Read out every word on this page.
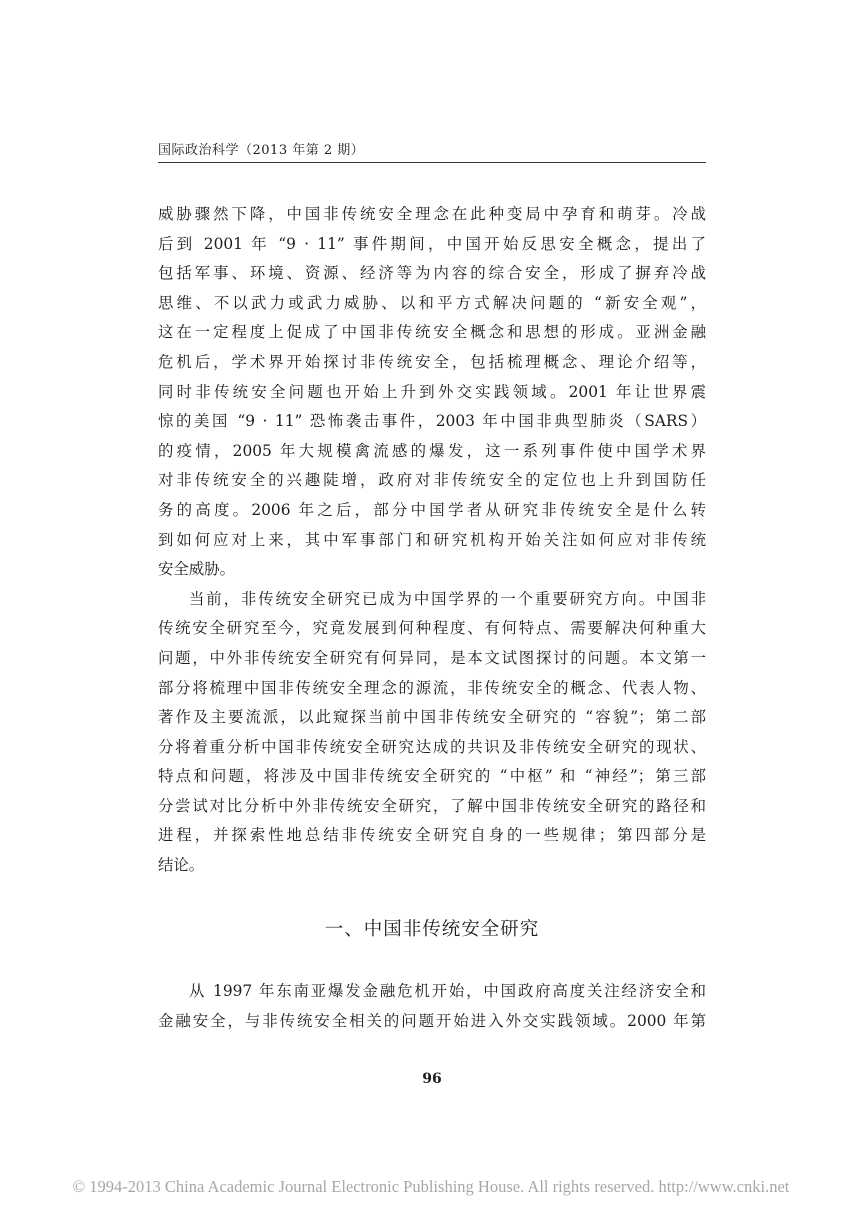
国际政治科学（2013 年第 2 期）
威胁骤然下降，中国非传统安全理念在此种变局中孕育和萌芽。冷战
后到 2001 年 “9 · 11” 事件期间，中国开始反思安全概念，提出了
包括军事、环境、资源、经济等为内容的综合安全，形成了摒弃冷战
思维、不以武力或武力威胁、以和平方式解决问题的 “新安全观”，
这在一定程度上促成了中国非传统安全概念和思想的形成。亚洲金融
危机后，学术界开始探讨非传统安全，包括梳理概念、理论介绍等，
同时非传统安全问题也开始上升到外交实践领域。2001 年让世界震
惊的美国 “9 · 11” 恐怖袭击事件，2003 年中国非典型肺炎（SARS）
的疫情，2005 年大规模禽流感的爆发，这一系列事件使中国学术界
对非传统安全的兴趣陡增，政府对非传统安全的定位也上升到国防任
务的高度。2006 年之后，部分中国学者从研究非传统安全是什么转
到如何应对上来，其中军事部门和研究机构开始关注如何应对非传统
安全威胁。
当前，非传统安全研究已成为中国学界的一个重要研究方向。中国非
传统安全研究至今，究竟发展到何种程度、有何特点、需要解决何种重大
问题，中外非传统安全研究有何异同，是本文试图探讨的问题。本文第一
部分将梳理中国非传统安全理念的源流，非传统安全的概念、代表人物、
著作及主要流派，以此窥探当前中国非传统安全研究的 “容貌”；第二部
分将着重分析中国非传统安全研究达成的共识及非传统安全研究的现状、
特点和问题，将涉及中国非传统安全研究的 “中枢” 和 “神经”；第三部
分尝试对比分析中外非传统安全研究，了解中国非传统安全研究的路径和
进程，并探索性地总结非传统安全研究自身的一些规律；第四部分是
结论。
一、中国非传统安全研究
从 1997 年东南亚爆发金融危机开始，中国政府高度关注经济安全和
金融安全，与非传统安全相关的问题开始进入外交实践领域。2000 年第
96
© 1994-2013 China Academic Journal Electronic Publishing House. All rights reserved. http://www.cnki.net
